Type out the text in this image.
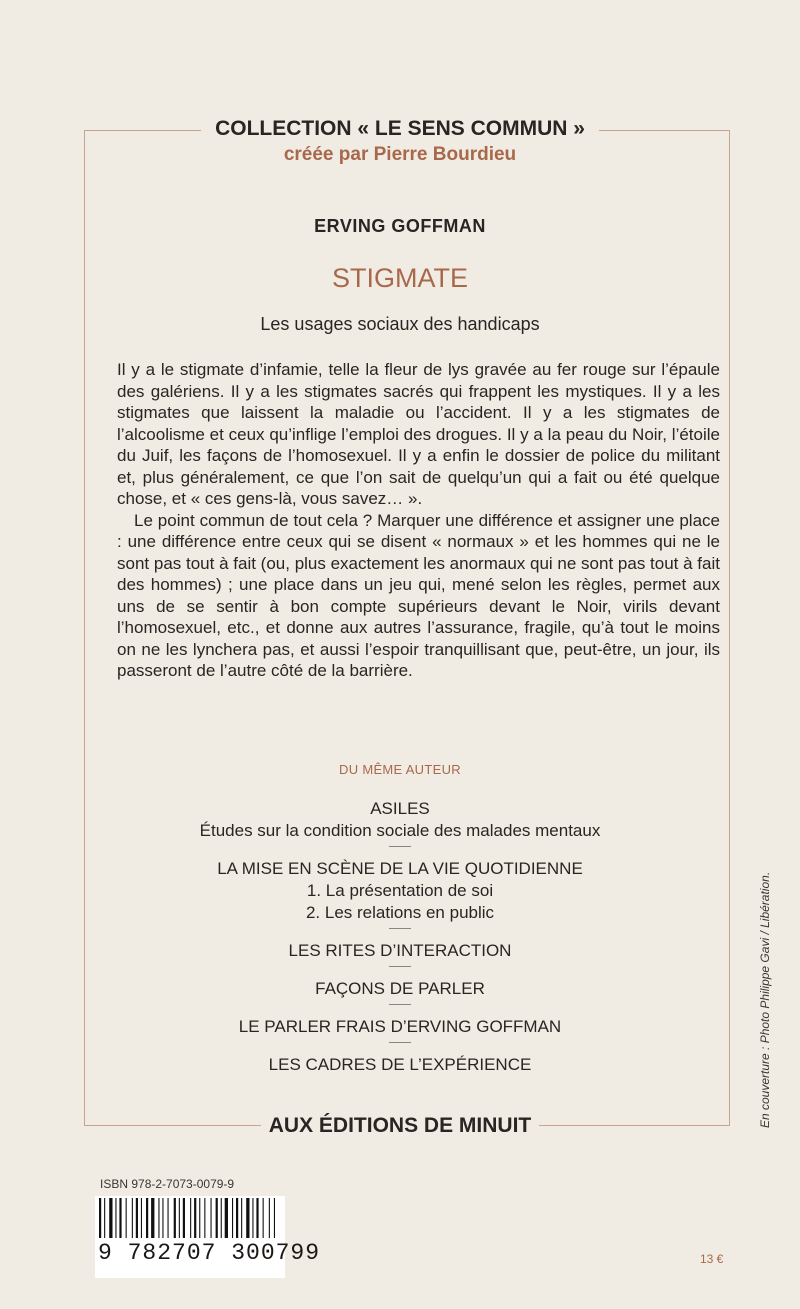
COLLECTION « LE SENS COMMUN »
créée par Pierre Bourdieu
ERVING GOFFMAN
STIGMATE
Les usages sociaux des handicaps

Il y a le stigmate d’infamie, telle la fleur de lys gravée au fer rouge sur l’épaule des galériens. Il y a les stigmates sacrés qui frappent les mystiques. Il y a les stigmates que laissent la maladie ou l’accident. Il y a les stigmates de l’alcoolisme et ceux qu’inflige l’emploi des drogues. Il y a la peau du Noir, l’étoile du Juif, les façons de l’homosexuel. Il y a enfin le dossier de police du militant et, plus généralement, ce que l’on sait de quelqu’un qui a fait ou été quelque chose, et « ces gens-là, vous savez… ».

Le point commun de tout cela ? Marquer une différence et assigner une place : une différence entre ceux qui se disent « normaux » et les hommes qui ne le sont pas tout à fait (ou, plus exactement les anormaux qui ne sont pas tout à fait des hommes) ; une place dans un jeu qui, mené selon les règles, permet aux uns de se sentir à bon compte supérieurs devant le Noir, virils devant l’homosexuel, etc., et donne aux autres l’assurance, fragile, qu’à tout le moins on ne les lynchera pas, et aussi l’espoir tranquillisant que, peut-être, un jour, ils passeront de l’autre côté de la barrière.

DU MÊME AUTEUR
ASILES
Études sur la condition sociale des malades mentaux
LA MISE EN SCÈNE DE LA VIE QUOTIDIENNE
1. La présentation de soi
2. Les relations en public
LES RITES D’INTERACTION
FAÇONS DE PARLER
LE PARLER FRAIS D’ERVING GOFFMAN
LES CADRES DE L’EXPÉRIENCE
AUX ÉDITIONS DE MINUIT	En couverture : Photo Philippe Gavi / Libération.
ISBN 978-2-7073-0079-9
9 782707 300799	13 €
